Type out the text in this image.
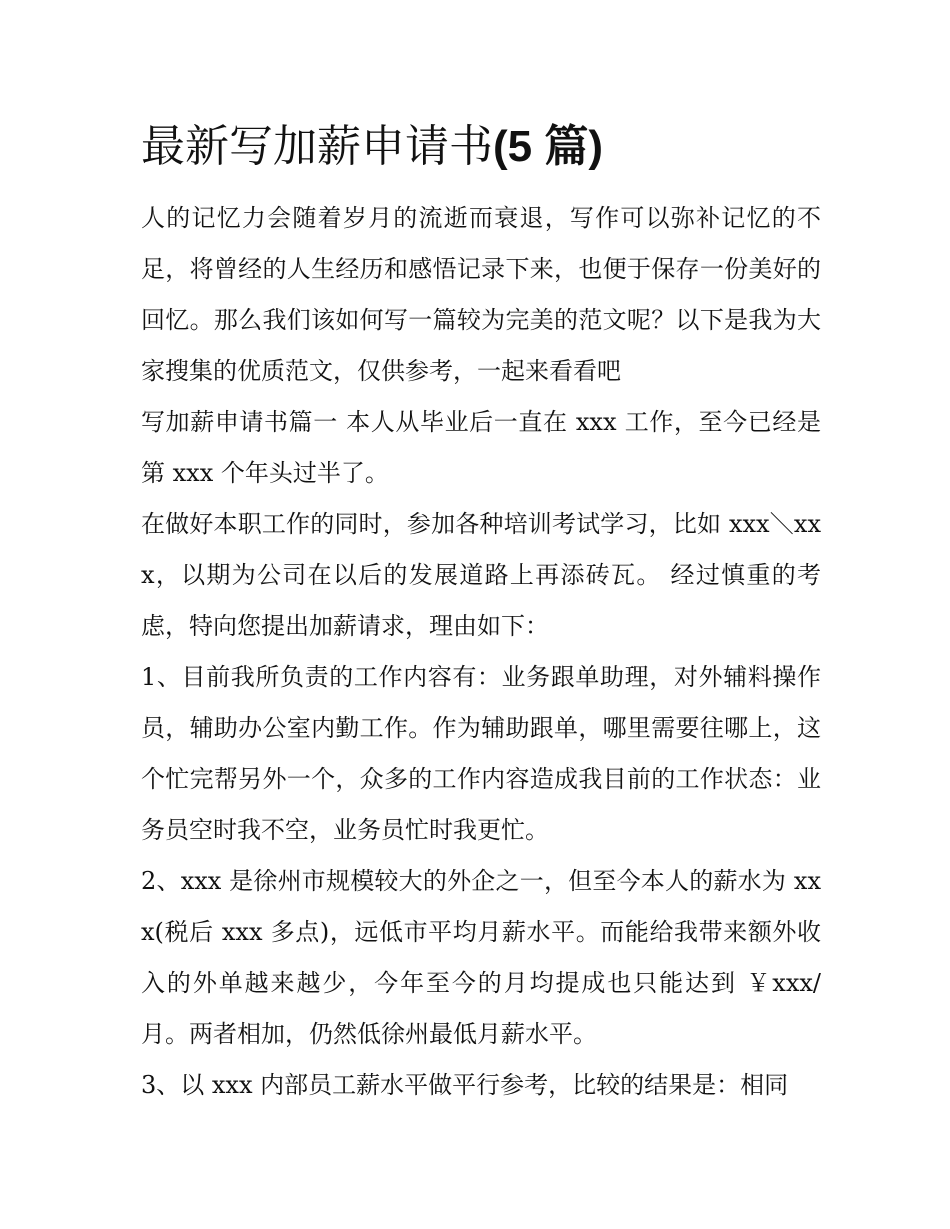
最新写加薪申请书(5 篇)

人的记忆力会随着岁月的流逝而衰退，写作可以弥补记忆的不足，将曾经的人生经历和感悟记录下来，也便于保存一份美好的回忆。那么我们该如何写一篇较为完美的范文呢？以下是我为大家搜集的优质范文，仅供参考，一起来看看吧

写加薪申请书篇一 本人从毕业后一直在 xxx 工作，至今已经是第 xxx 个年头过半了。

在做好本职工作的同时，参加各种培训考试学习，比如 xxx＼xxx，以期为公司在以后的发展道路上再添砖瓦。 经过慎重的考虑，特向您提出加薪请求，理由如下：

1、目前我所负责的工作内容有：业务跟单助理，对外辅料操作员，辅助办公室内勤工作。作为辅助跟单，哪里需要往哪上，这个忙完帮另外一个，众多的工作内容造成我目前的工作状态：业务员空时我不空，业务员忙时我更忙。

2、xxx 是徐州市规模较大的外企之一，但至今本人的薪水为 xxx(税后 xxx 多点)，远低市平均月薪水平。而能给我带来额外收入的外单越来越少，今年至今的月均提成也只能达到 ￥xxx/月。两者相加，仍然低徐州最低月薪水平。

3、以 xxx 内部员工薪水平做平行参考，比较的结果是：相同
